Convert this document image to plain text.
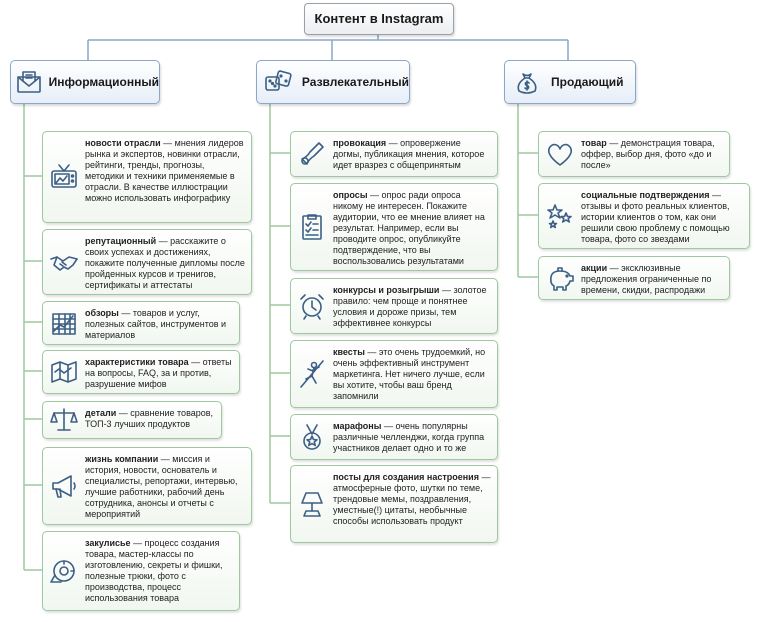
Контент в Instagram
Информационный	Развлекательный	Продающий
новости отрасли — мнения лидеров рынка и экспертов, новинки отрасли, рейтинги, тренды, прогнозы, методики и техники применяемые в отрасли. В качестве иллюстрации можно использовать инфографику
репутационный — расскажите о своих успехах и достижениях, покажите полученные дипломы после пройденных курсов и тренигов, сертификаты и аттестаты
обзоры — товаров и услуг, полезных сайтов, инструментов и материалов
характеристики товара — ответы на вопросы, FAQ, за и против, разрушение мифов
детали — сравнение товаров, ТОП-3 лучших продуктов
жизнь компании — миссия и история, новости, основатель и специалисты, репортажи, интервью, лучшие работники, рабочий день сотрудника, анонсы и отчеты с мероприятий
закулисье — процесс создания товара, мастер-классы по изготовлению, секреты и фишки, полезные трюки, фото с производства, процесс использования товара
провокация — опровержение догмы, публикация мнения, которое идет вразрез с общепринятым
опросы — опрос ради опроса никому не интересен. Покажите аудитории, что ее мнение влияет на результат. Например, если вы проводите опрос, опубликуйте подтверждение, что вы воспользовались результатами
конкурсы и розыгрыши — золотое правило: чем проще и понятнее условия и дороже призы, тем эффективнее конкурсы
квесты — это очень трудоемкий, но очень эффективный инструмент маркетинга. Нет ничего лучше, если вы хотите, чтобы ваш бренд запомнили
марафоны — очень популярны различные челленджи, когда группа участников делает одно и то же
посты для создания настроения — атмосферные фото, шутки по теме, трендовые мемы, поздравления, уместные(!) цитаты, необычные способы использовать продукт
товар — демонстрация товара, оффер, выбор дня, фото «до и после»
социальные подтверждения — отзывы и фото реальных клиентов, истории клиентов о том, как они решили свою проблему с помощью товара, фото со звездами
акции — эксклюзивные предложения ограниченные по времени, скидки, распродажи
